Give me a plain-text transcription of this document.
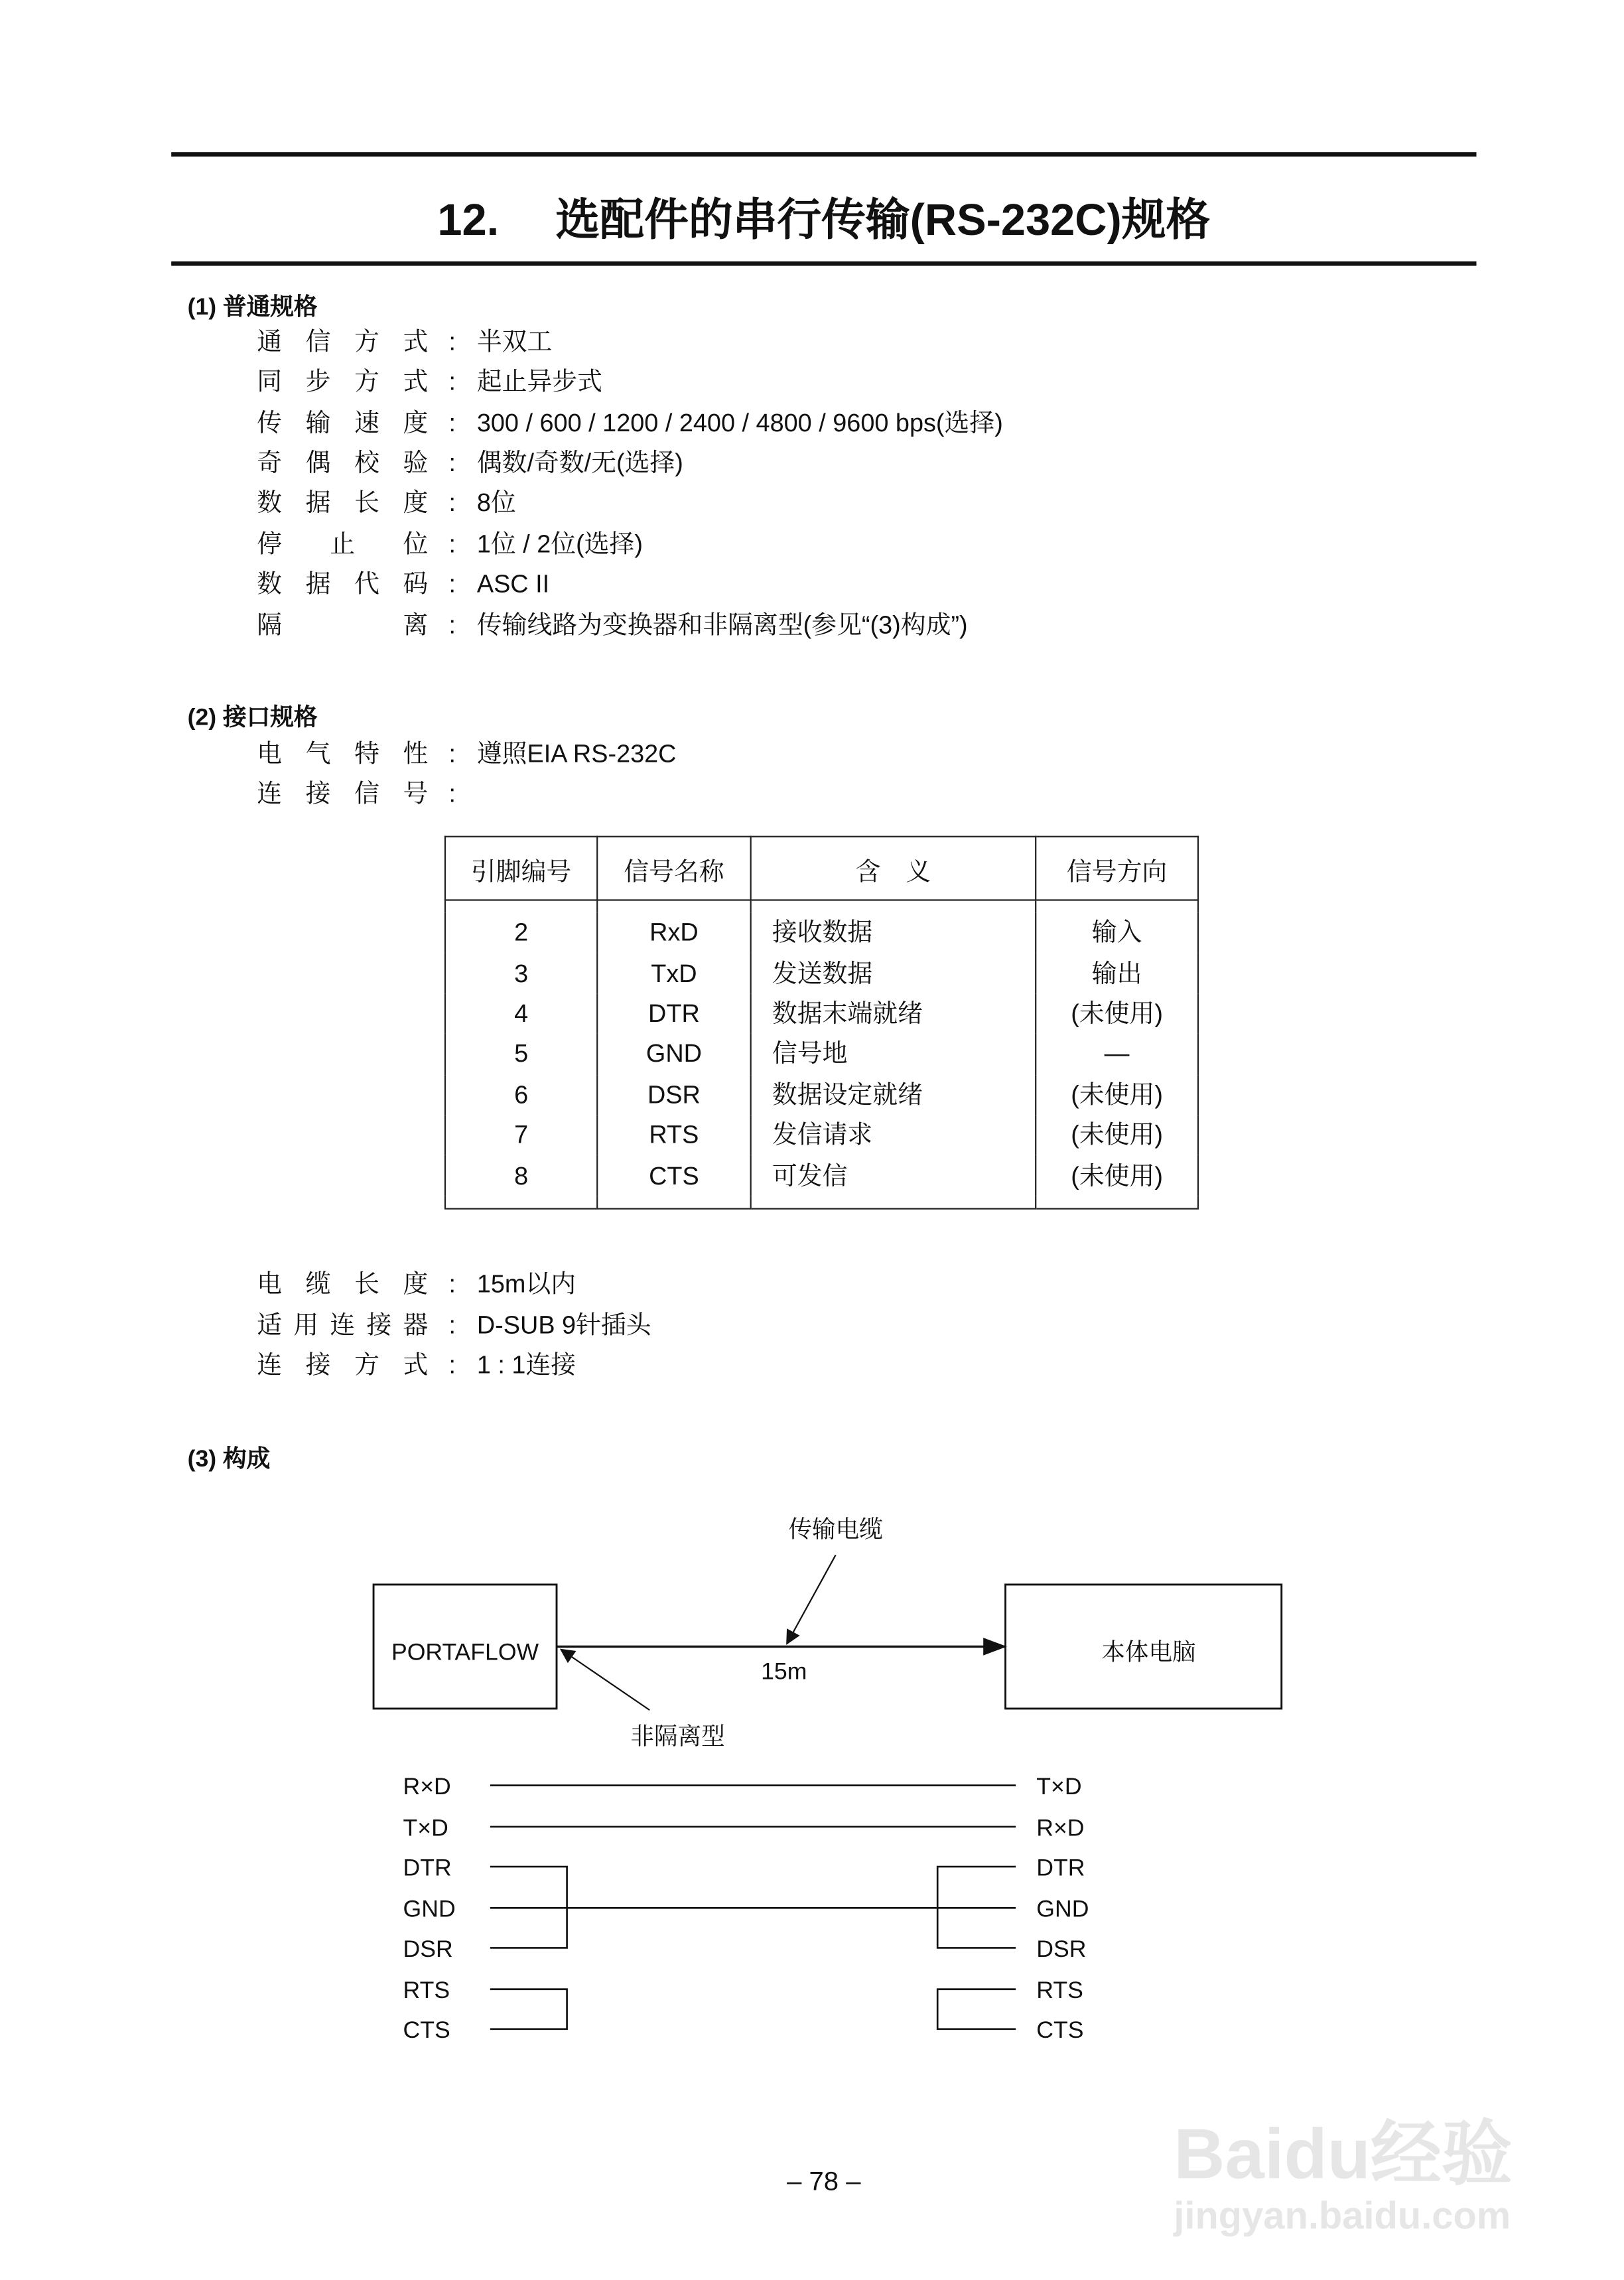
12.　 选配件的串行传输(RS-232C)规格
(1) 普通规格
通信方式 : 半双工
同步方式 : 起止异步式
传输速度 : 300 / 600 / 1200 / 2400 / 4800 / 9600 bps(选择)
奇偶校验 : 偶数/奇数/无(选择)
数据长度 : 8位
停止位 : 1位 / 2位(选择)
数据代码 : ASC II
隔离 : 传输线路为变换器和非隔离型(参见“(3)构成”)
(2) 接口规格
电气特性 : 遵照EIA RS-232C
连接信号 :
引脚编号	信号名称	含　义	信号方向

2	RxD	接收数据	输入
3	TxD	发送数据	输出
4	DTR	数据末端就绪	(未使用)
5	GND	信号地	—
6	DSR	数据设定就绪	(未使用)
7	RTS	发信请求	(未使用)
8	CTS	可发信	(未使用)

电缆长度 : 15m以内
适用连接器 : D-SUB 9针插头
连接方式 : 1 : 1连接
(3) 构成
PORTAFLOW	本体电脑
传输电缆
15m
非隔离型
R×D
T×D
DTR
GND
DSR
RTS
CTS
T×D
R×D
DTR
GND
DSR
RTS
CTS
– 78 –	Baidu经验
jingyan.baidu.com
